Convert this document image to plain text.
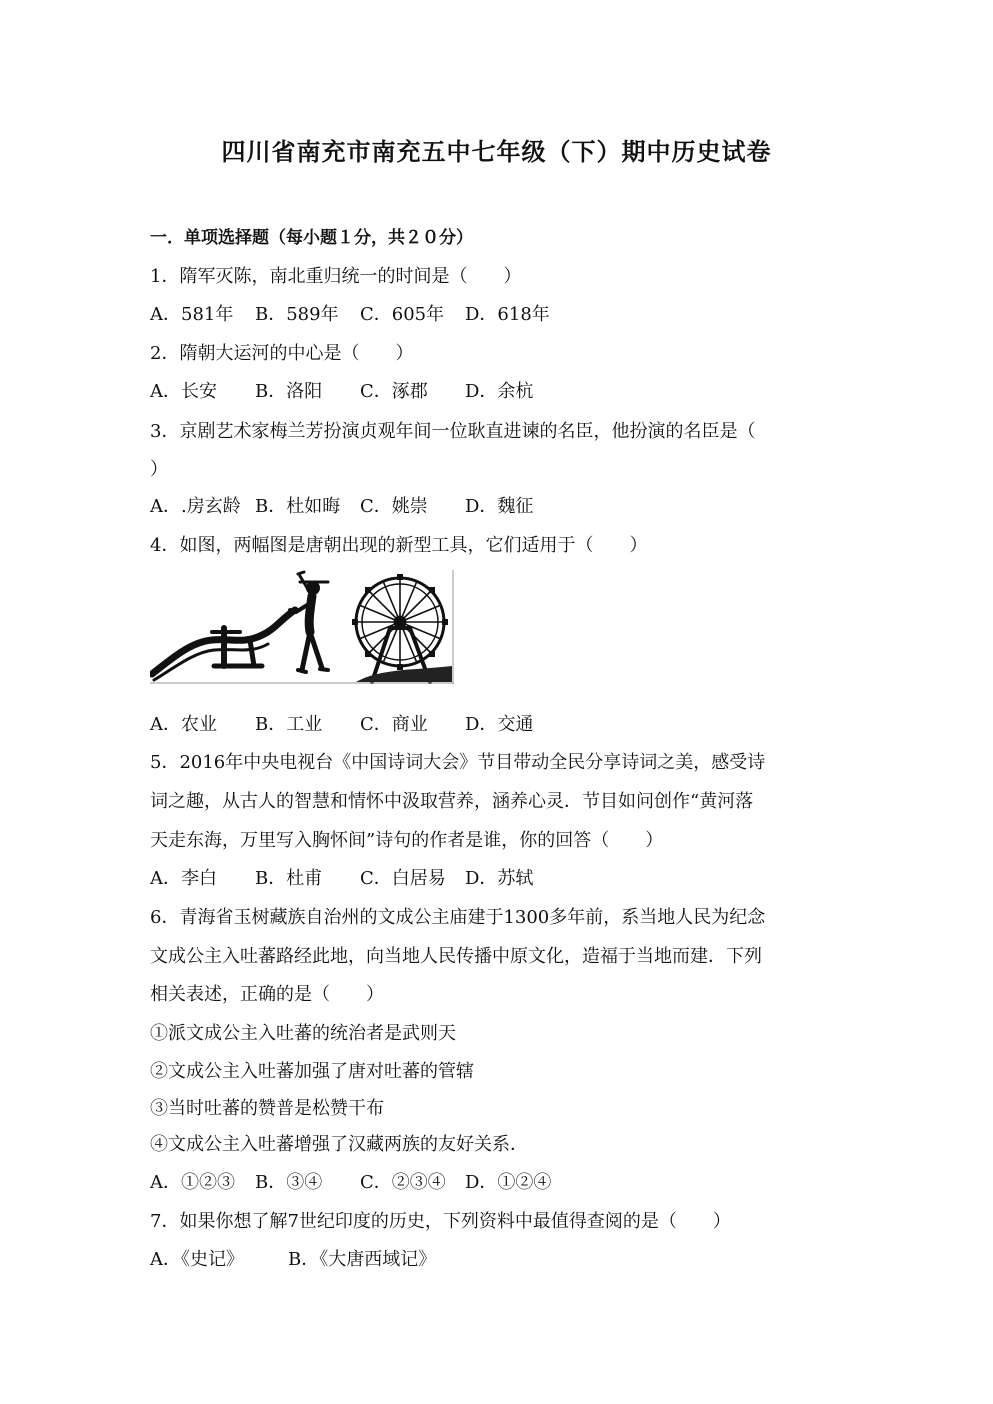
四川省南充市南充五中七年级（下）期中历史试卷
一．单项选择题（每小题１分，共２０分）
1．隋军灭陈，南北重归统一的时间是（　　）
A．581年	B．589年	C．605年	D．618年
2．隋朝大运河的中心是（　　）
A．长安	B．洛阳	C．涿郡	D．余杭
3．京剧艺术家梅兰芳扮演贞观年间一位耿直进谏的名臣，他扮演的名臣是（
）
A．.房玄龄 B．杜如晦	C．姚崇	D．魏征
4．如图，两幅图是唐朝出现的新型工具，它们适用于（　　）
A．农业	B．工业	C．商业	D．交通
5．2016年中央电视台《中国诗词大会》节目带动全民分享诗词之美，感受诗
词之趣，从古人的智慧和情怀中汲取营养，涵养心灵．节目如问创作“黄河落
天走东海，万里写入胸怀间”诗句的作者是谁，你的回答（　　）
A．李白	B．杜甫	C．白居易	D．苏轼
6．青海省玉树藏族自治州的文成公主庙建于1300多年前，系当地人民为纪念
文成公主入吐蕃路经此地，向当地人民传播中原文化，造福于当地而建．下列
相关表述，正确的是（　　）
①派文成公主入吐蕃的统治者是武则天
②文成公主入吐蕃加强了唐对吐蕃的管辖
③当时吐蕃的赞普是松赞干布
④文成公主入吐蕃增强了汉藏两族的友好关系．
A．①②③	B．③④	C．②③④	D．①②④
7．如果你想了解7世纪印度的历史，下列资料中最值得查阅的是（　　）
A．《史记》	B．《大唐西域记》
